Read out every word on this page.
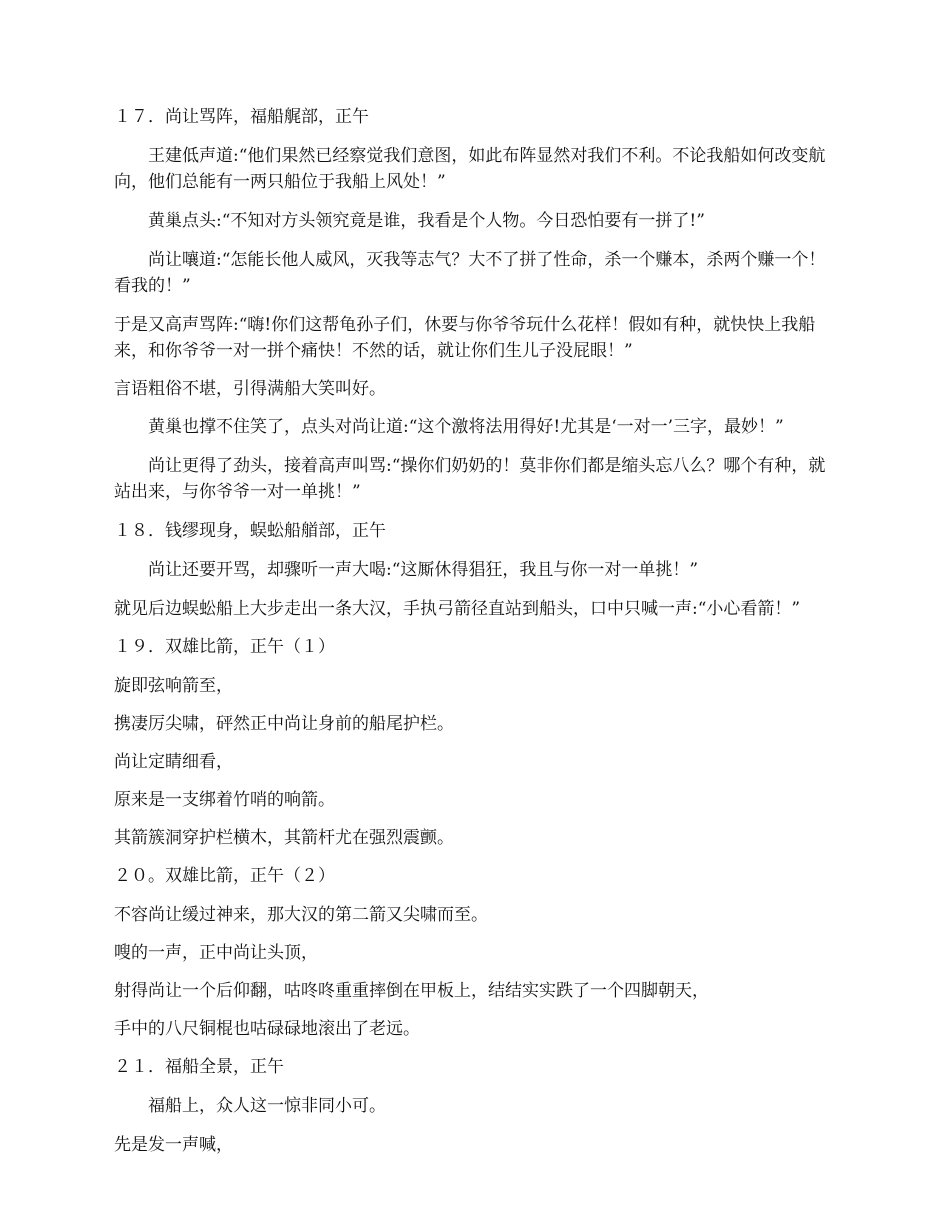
１７．尚让骂阵，福船艉部，正午

王建低声道:“他们果然已经察觉我们意图，如此布阵显然对我们不利。不论我船如何改变航向，他们总能有一两只船位于我船上风处！”

黄巢点头:“不知对方头领究竟是谁，我看是个人物。今日恐怕要有一拼了!”

尚让嚷道:“怎能长他人威风，灭我等志气？大不了拼了性命，杀一个赚本，杀两个赚一个！看我的！”

于是又高声骂阵:“嗨!你们这帮龟孙子们，休要与你爷爷玩什么花样！假如有种，就快快上我船来，和你爷爷一对一拼个痛快！不然的话，就让你们生儿子没屁眼！”

言语粗俗不堪，引得满船大笑叫好。

黄巢也撑不住笑了，点头对尚让道:“这个激将法用得好!尤其是‘一对一’三字，最妙！”

尚让更得了劲头，接着高声叫骂:“操你们奶奶的！莫非你们都是缩头忘八么？哪个有种，就站出来，与你爷爷一对一单挑！”

１８．钱缪现身，蜈蚣船艏部，正午

尚让还要开骂，却骤听一声大喝:“这厮休得猖狂，我且与你一对一单挑！”

就见后边蜈蚣船上大步走出一条大汉，手执弓箭径直站到船头，口中只喊一声:“小心看箭！”

１９．双雄比箭，正午（１）

旋即弦响箭至，

携凄厉尖啸，砰然正中尚让身前的船尾护栏。

尚让定睛细看，

原来是一支绑着竹哨的响箭。

其箭簇洞穿护栏横木，其箭杆尤在强烈震颤。

２０。双雄比箭，正午（２）

不容尚让缓过神来，那大汉的第二箭又尖啸而至。

嗖的一声，正中尚让头顶，

射得尚让一个后仰翻，咕咚咚重重摔倒在甲板上，结结实实跌了一个四脚朝天，

手中的八尺铜棍也咕碌碌地滚出了老远。

２１．福船全景，正午

福船上，众人这一惊非同小可。

先是发一声喊，
